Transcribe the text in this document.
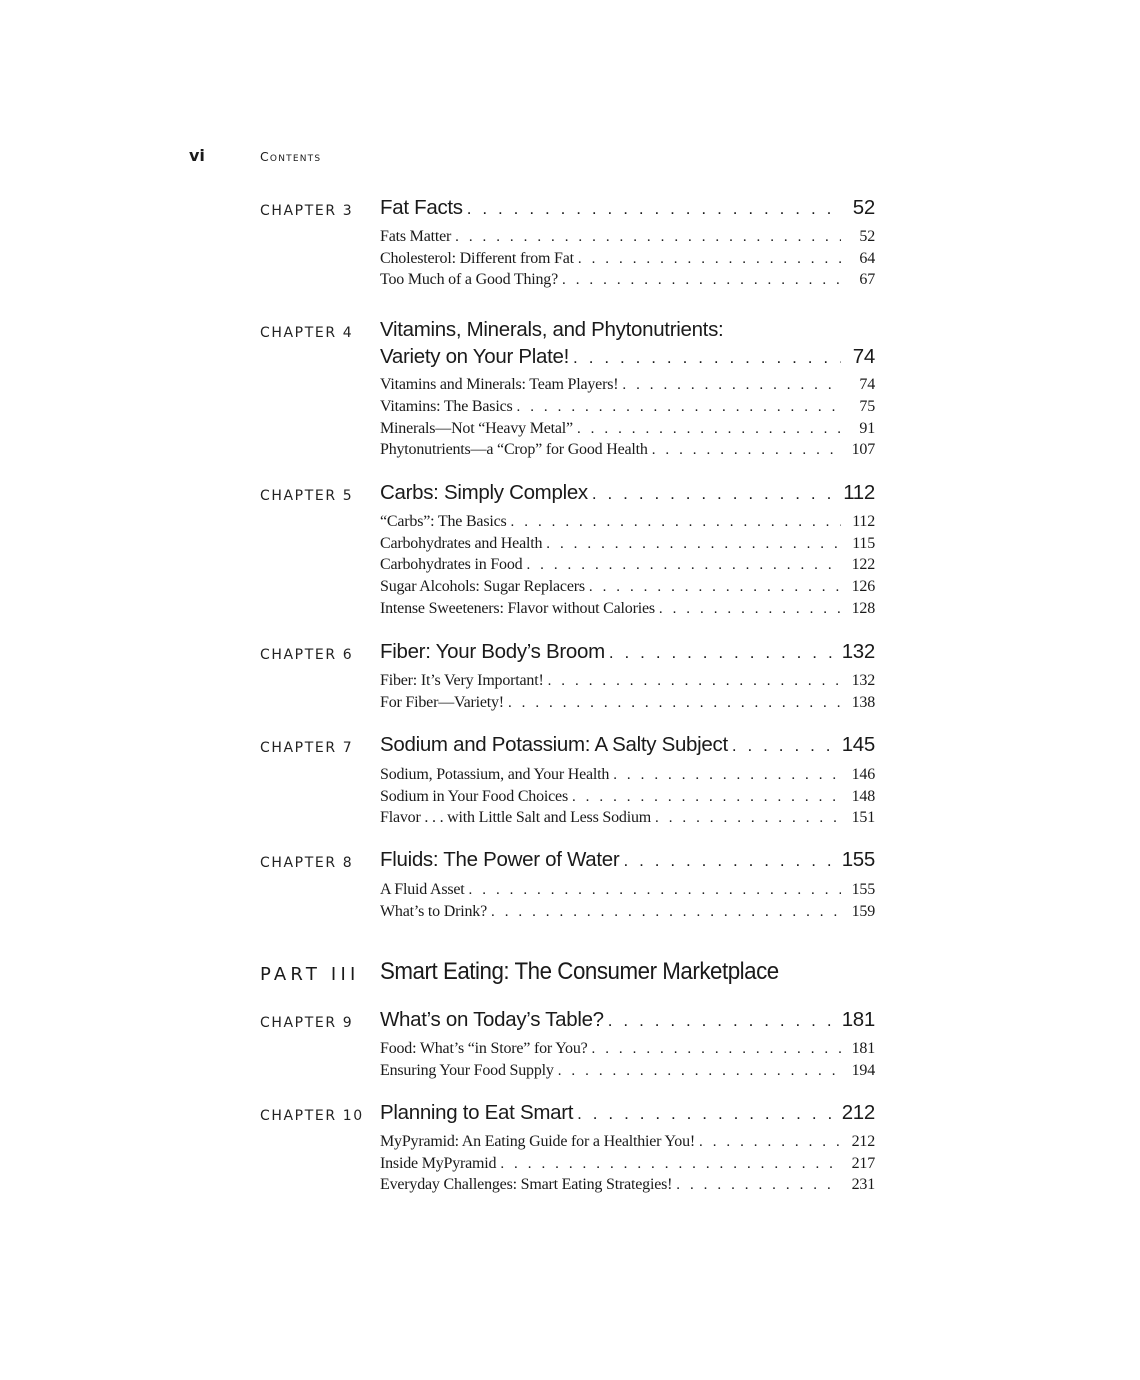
vi	Contents
CHAPTER 3 Fat Facts . . .	52
Fats Matter . . .	52
Cholesterol: Different from Fat . . .	64
Too Much of a Good Thing? . . .	67
CHAPTER 4 Vitamins, Minerals, and Phytonutrients:
Variety on Your Plate! . . .	74
Vitamins and Minerals: Team Players! . . .	74
Vitamins: The Basics . . .	75
Minerals—Not “Heavy Metal” . . .	91
Phytonutrients—a “Crop” for Good Health . . .	107
CHAPTER 5 Carbs: Simply Complex . . .	112
“Carbs”: The Basics . . .	112
Carbohydrates and Health . . .	115
Carbohydrates in Food . . .	122
Sugar Alcohols: Sugar Replacers . . .	126
Intense Sweeteners: Flavor without Calories . . .	128
CHAPTER 6 Fiber: Your Body’s Broom . . .	132
Fiber: It’s Very Important! . . .	132
For Fiber—Variety! . . .	138
CHAPTER 7 Sodium and Potassium: A Salty Subject . . .	145
Sodium, Potassium, and Your Health . . .	146
Sodium in Your Food Choices . . .	148
Flavor . . . with Little Salt and Less Sodium . . .	151
CHAPTER 8 Fluids: The Power of Water . . .	155
A Fluid Asset . . .	155
What’s to Drink? . . .	159
PART III Smart Eating: The Consumer Marketplace
CHAPTER 9 What’s on Today’s Table? . . .	181
Food: What’s “in Store” for You? . . .	181
Ensuring Your Food Supply . . .	194
CHAPTER 10 Planning to Eat Smart . . .	212
MyPyramid: An Eating Guide for a Healthier You! . . .	212
Inside MyPyramid . . .	217
Everyday Challenges: Smart Eating Strategies! . . .	231
